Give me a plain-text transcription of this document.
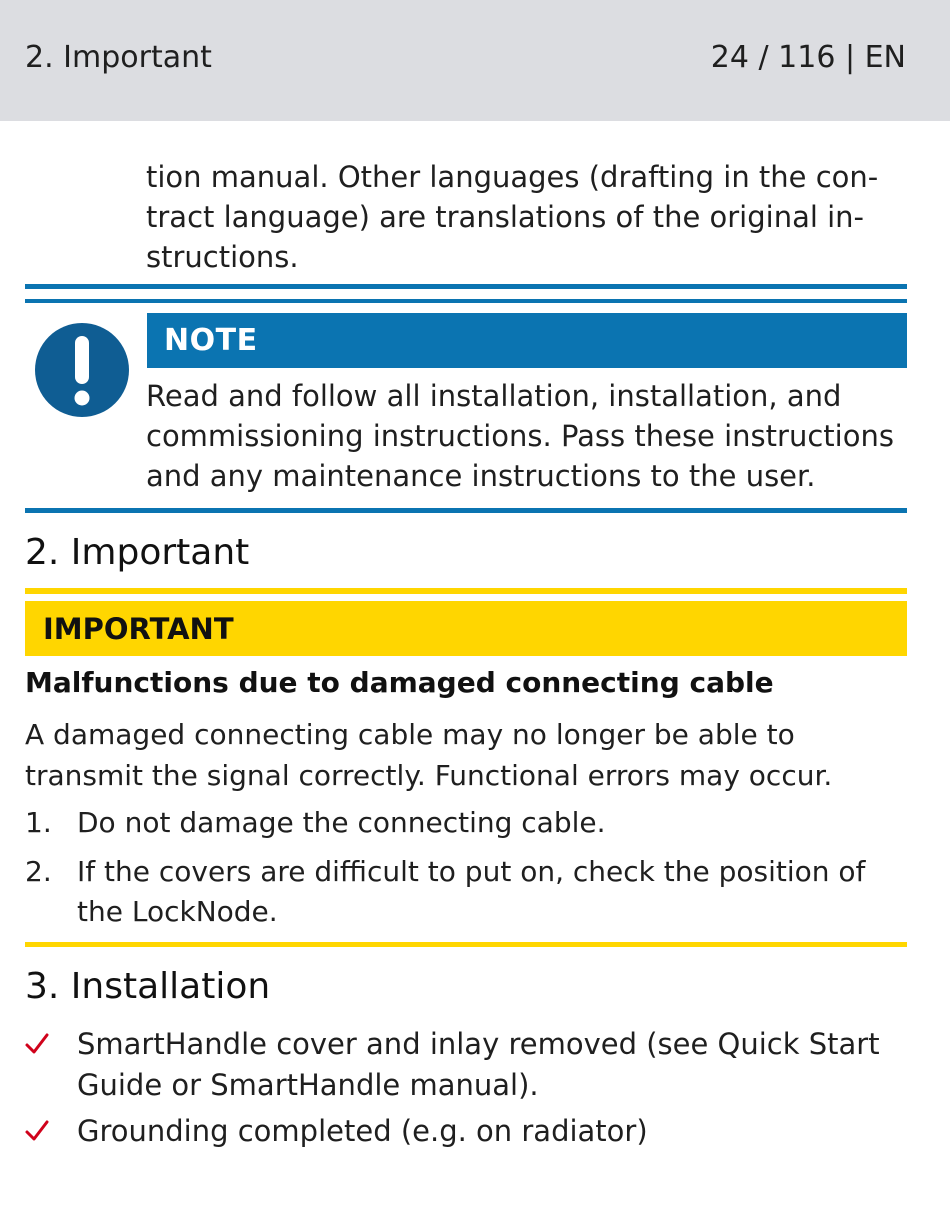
2. Important	24 / 116 | EN
tion manual. Other languages (drafting in the con-
tract language) are translations of the original in-
structions.
NOTE
Read and follow all installation, installation, and
commissioning instructions. Pass these instructions
and any maintenance instructions to the user.
2. Important
IMPORTANT
Malfunctions due to damaged connecting cable
A damaged connecting cable may no longer be able to
transmit the signal correctly. Functional errors may occur.
1. Do not damage the connecting cable.
2. If the covers are difficult to put on, check the position of
the LockNode.
3. Installation
SmartHandle cover and inlay removed (see Quick Start
Guide or SmartHandle manual).
Grounding completed (e.g. on radiator)
